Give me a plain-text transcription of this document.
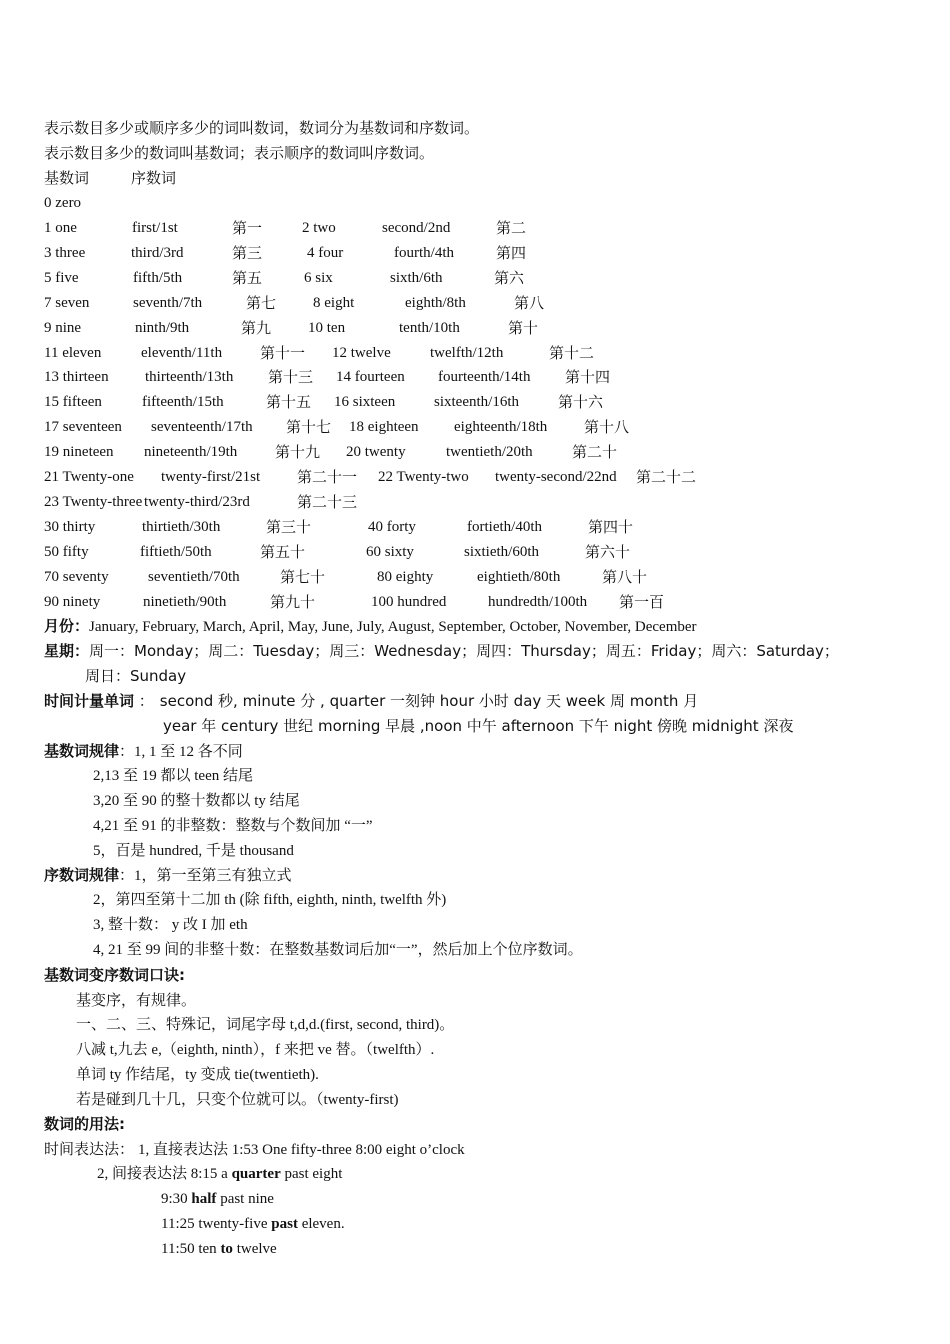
表示数目多少或顺序多少的词叫数词，数词分为基数词和序数词。
表示数目多少的数词叫基数词；表示顺序的数词叫序数词。
基数词	序数词
0 zero
1 one	first/1st	第一	2 two	second/2nd	第二
3 three	third/3rd	第三	4 four	fourth/4th	第四
5 five	fifth/5th	第五	6 six	sixth/6th	第六
7 seven	seventh/7th	第七 8 eight	eighth/8th	第八
9 nine	ninth/9th	第九 10 ten	tenth/10th	第十
11 eleven	eleventh/11th	第十一 12 twelve	twelfth/12th	第十二
13 thirteen thirteenth/13th 第十三 14 fourteen fourteenth/14th 第十四
15 fifteen	fifteenth/15th	第十五 16 sixteen	sixteenth/16th	第十六
17 seventeen seventeenth/17th 第十七 18 eighteen eighteenth/18th 第十八
19 nineteen nineteenth/19th	第十九 20 twenty	twentieth/20th	第二十
21 Twenty-one twenty-first/21st 第二十一 22 Twenty-two twenty-second/22nd 第二十二
23 Twenty-three twenty-third/23rd	第二十三
30 thirty	thirtieth/30th	第三十	40 forty	fortieth/40th	第四十
50 fifty	fiftieth/50th	第五十	60 sixty	sixtieth/60th	第六十
70 seventy	seventieth/70th	第七十	80 eighty	eightieth/80th	第八十
90 ninety	ninetieth/90th	第九十	100 hundred	hundredth/100th 第一百
月份：January, February, March, April, May, June, July, August, September, October, November, December
星期：周一：Monday；周二：Tuesday；周三：Wednesday；周四：Thursday；周五：Friday；周六：Saturday；
周日：Sunday
时间计量单词 ： second 秒, minute 分 , quarter 一刻钟 hour 小时 day 天 week 周 month 月
year 年 century 世纪 morning 早晨 ,noon 中午 afternoon 下午 night 傍晚 midnight 深夜
基数词规律：1, 1 至 12 各不同
2,13 至 19 都以 teen 结尾
3,20 至 90 的整十数都以 ty 结尾
4,21 至 91 的非整数：整数与个数间加 “一”
5，百是 hundred, 千是 thousand
序数词规律：1，第一至第三有独立式
2，第四至第十二加 th (除 fifth, eighth, ninth, twelfth 外)
3, 整十数： y 改 I 加 eth
4, 21 至 99 间的非整十数：在整数基数词后加“一”，然后加上个位序数词。
基数词变序数词口诀:
基变序，有规律。
一、二、三、特殊记，词尾字母 t,d,d.(first, second, third)。
八减 t,九去 e,（eighth, ninth），f 来把 ve 替。（twelfth）.
单词 ty 作结尾，ty 变成 tie(twentieth).
若是碰到几十几，只变个位就可以。（twenty-first)
数词的用法:
时间表达法： 1, 直接表达法 1:53 One fifty-three 8:00 eight o’clock
2, 间接表达法 8:15 a quarter past eight
9:30 half past nine
11:25 twenty-five past eleven.
11:50 ten to twelve
